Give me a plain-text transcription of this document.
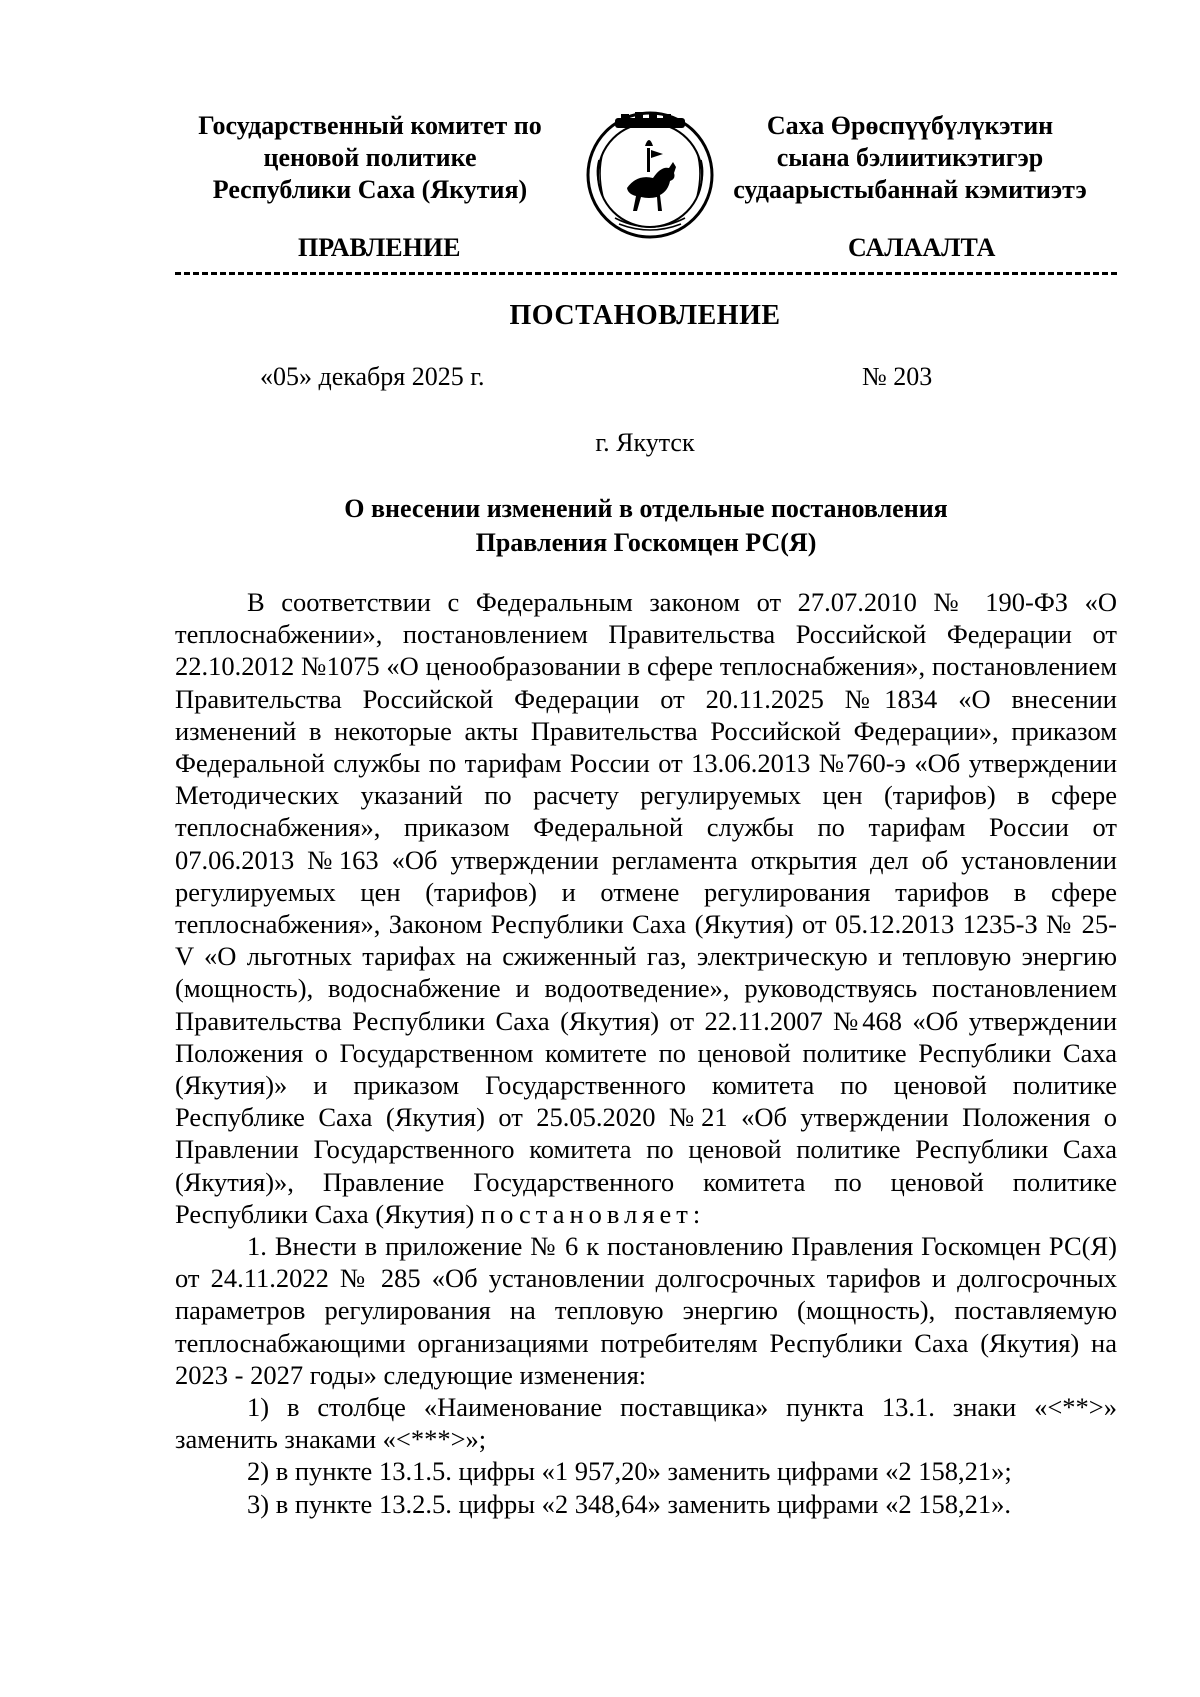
Государственный комитет по
ценовой политике
Республики Саха (Якутия)
Саха Өрөспүүбүлүкэтин
сыана бэлиитикэтигэр
судаарыстыбаннай кэмитиэтэ
ПРАВЛЕНИЕ	САЛААЛТА
ПОСТАНОВЛЕНИЕ
«05» декабря 2025 г.	№ 203
г. Якутск
О внесении изменений в отдельные постановления
Правления Госкомцен РС(Я)

В соответствии с Федеральным законом от 27.07.2010 № 190-ФЗ «О теплоснабжении», постановлением Правительства Российской Федерации от 22.10.2012 №1075 «О ценообразовании в сфере теплоснабжения», постановлением Правительства Российской Федерации от 20.11.2025 №1834 «О внесении изменений в некоторые акты Правительства Российской Федерации», приказом Федеральной службы по тарифам России от 13.06.2013 №760-э «Об утверждении Методических указаний по расчету регулируемых цен (тарифов) в сфере теплоснабжения», приказом Федеральной службы по тарифам России от 07.06.2013 №163 «Об утверждении регламента открытия дел об установлении регулируемых цен (тарифов) и отмене регулирования тарифов в сфере теплоснабжения», Законом Республики Саха (Якутия) от 05.12.2013 1235-З № 25-V «О льготных тарифах на сжиженный газ, электрическую и тепловую энергию (мощность), водоснабжение и водоотведение», руководствуясь постановлением Правительства Республики Саха (Якутия) от 22.11.2007 №468 «Об утверждении Положения о Государственном комитете по ценовой политике Республики Саха (Якутия)» и приказом Государственного комитета по ценовой политике Республике Саха (Якутия) от 25.05.2020 №21 «Об утверждении Положения о Правлении Государственного комитета по ценовой политике Республики Саха (Якутия)», Правление Государственного комитета по ценовой политике Республики Саха (Якутия) постановляет:

1. Внести в приложение № 6 к постановлению Правления Госкомцен РС(Я) от 24.11.2022 № 285 «Об установлении долгосрочных тарифов и долгосрочных параметров регулирования на тепловую энергию (мощность), поставляемую теплоснабжающими организациями потребителям Республики Саха (Якутия) на 2023 - 2027 годы» следующие изменения:

1) в столбце «Наименование поставщика» пункта 13.1. знаки «<**>» заменить знаками «<***>»;

2) в пункте 13.1.5. цифры «1 957,20» заменить цифрами «2 158,21»;

3) в пункте 13.2.5. цифры «2 348,64» заменить цифрами «2 158,21».
